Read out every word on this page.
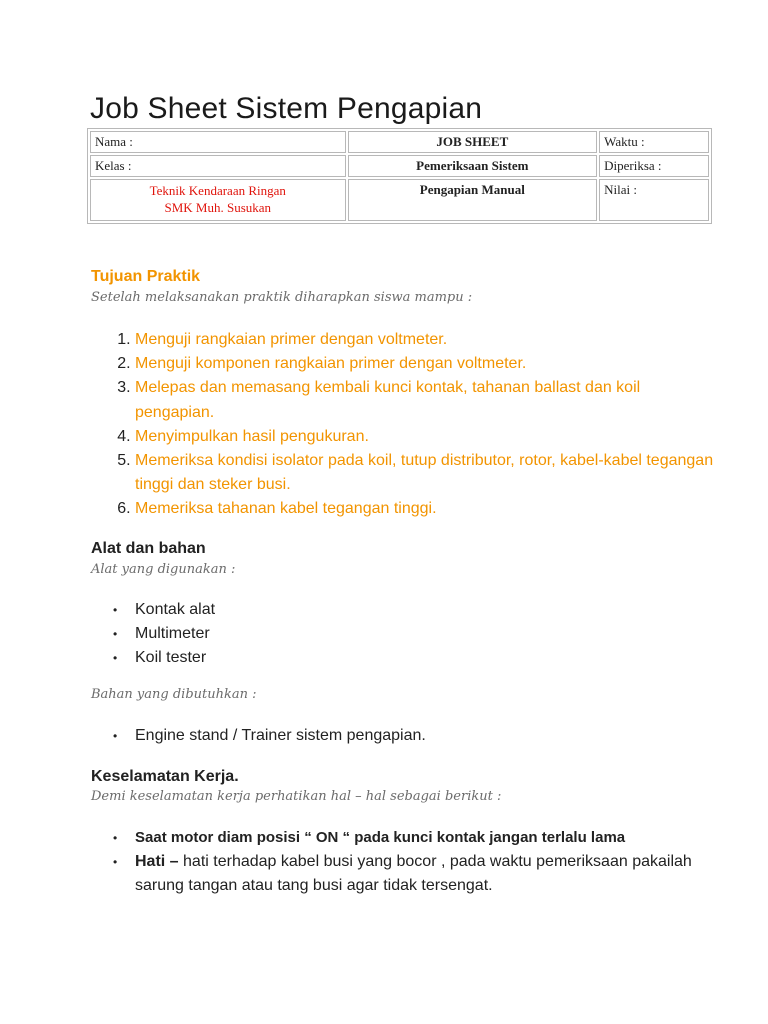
Job Sheet Sistem Pengapian
Nama :	JOB SHEET	Waktu :
Kelas :	Pemeriksaan Sistem	Diperiksa :

Teknik Kendaraan Ringan
SMK Muh. Susukan	Pengapian Manual	Nilai :

Tujuan Praktik

Setelah melaksanakan praktik diharapkan siswa mampu :

1. Menguji rangkaian primer dengan voltmeter.
2. Menguji komponen rangkaian primer dengan voltmeter.
3. Melepas dan memasang kembali kunci kontak, tahanan ballast dan koil pengapian.
4. Menyimpulkan hasil pengukuran.
5. Memeriksa kondisi isolator pada koil, tutup distributor, rotor, kabel-kabel tegangan tinggi dan steker busi.
6. Memeriksa tahanan kabel tegangan tinggi.

Alat dan bahan

Alat yang digunakan :

• Kontak alat
• Multimeter
• Koil tester

Bahan yang dibutuhkan :

• Engine stand / Trainer sistem pengapian.

Keselamatan Kerja.

Demi keselamatan kerja perhatikan hal – hal sebagai berikut :

• Saat motor diam posisi “ ON “ pada kunci kontak jangan terlalu lama
• Hati – hati terhadap kabel busi yang bocor , pada waktu pemeriksaan pakailah sarung tangan atau tang busi agar tidak tersengat.
